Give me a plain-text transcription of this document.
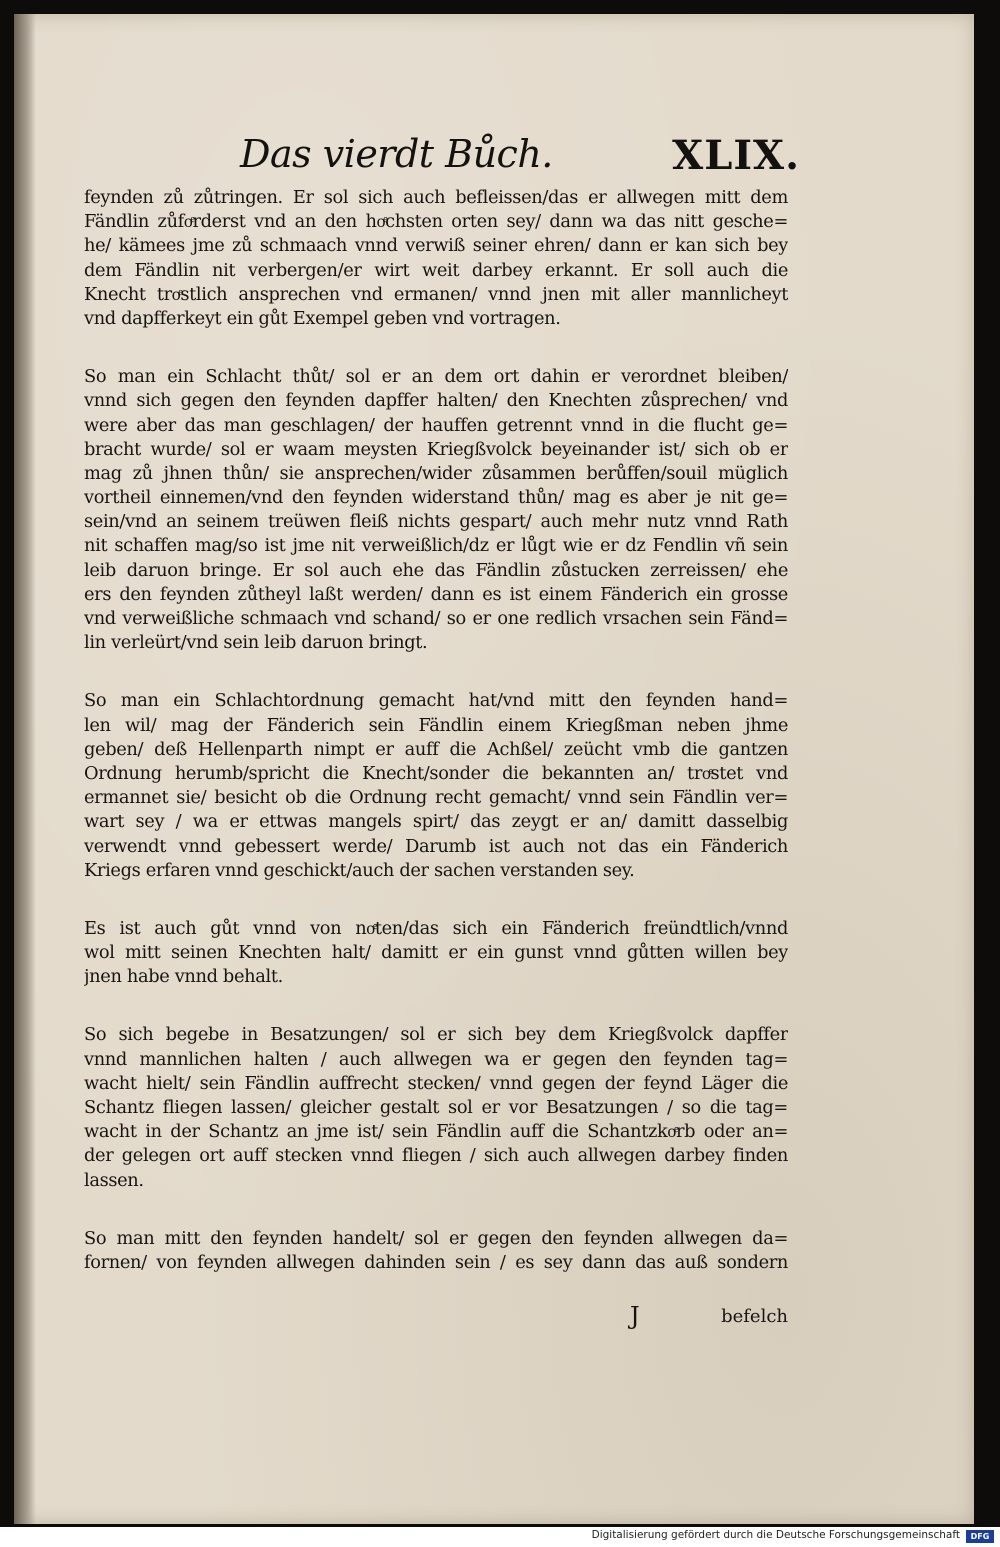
Das vierdt Bůch.	XLIX.
feynden zů zůtringen. Er sol sich auch beflеissen/das er allwegen mitt dem
Fändlin zůfoͤrderst vnd an den hoͤchsten orten sey/ dann wa das nitt gesche=
he/ kämees jme zů schmaach vnnd verwiß seiner ehren/ dann er kan sich bey
dem Fändlin nit verbergen/er wirt weit darbey erkannt. Er soll auch die
Knecht troͤstlich ansprechen vnd ermanen/ vnnd jnen mit aller mannlicheyt
vnd dapfferkeyt ein gůt Exempel geben vnd vortragen.
So man ein Schlacht thůt/ sol er an dem ort dahin er verordnet bleiben/
vnnd sich gegen den feynden dapffer halten/ den Knechten zůsprechen/ vnd
were aber das man geschlagen/ der hauffen getrennt vnnd in die flucht ge=
bracht wurde/ sol er waam meysten Kriegßvolck beyeinander ist/ sich ob er
mag zů jhnen thůn/ sie ansprechen/wider zůsammen berůffen/souil müglich
vortheil einnemen/vnd den feynden widerstand thůn/ mag es aber je nit ge=
sein/vnd an seinem treüwen fleiß nichts gespart/ auch mehr nutz vnnd Rath
nit schaffen mag/so ist jme nit verweißlich/dz er lůgt wie er dz Fendlin vñ sein
leib daruon bringe. Er sol auch ehe das Fändlin zůstucken zerreissen/ ehe
ers den feynden zůtheyl laßt werden/ dann es ist einem Fänderich ein grosse
vnd verweißliche schmaach vnd schand/ so er one redlich vrsachen sein Fänd=
lin verleürt/vnd sein leib daruon bringt.
So man ein Schlachtordnung gemacht hat/vnd mitt den feynden hand=
len wil/ mag der Fänderich sein Fändlin einem Kriegßman neben jhme
geben/ deß Hellenparth nimpt er auff die Achßel/ zeücht vmb die gantzen
Ordnung herumb/spricht die Knecht/sonder die bekannten an/ troͤstet vnd
ermannet sie/ besicht ob die Ordnung recht gemacht/ vnnd sein Fändlin ver=
wart sey / wa er ettwas mangels spirt/ das zeygt er an/ damitt dasselbig
verwendt vnnd gebessert werde/ Darumb ist auch not das ein Fänderich
Kriegs erfaren vnnd geschickt/auch der sachen verstanden sey.
Es ist auch gůt vnnd von noͤten/das sich ein Fänderich freündtlich/vnnd
wol mitt seinen Knechten halt/ damitt er ein gunst vnnd gůtten willen bey
jnen habe vnnd behalt.
So sich begebe in Besatzungen/ sol er sich bey dem Kriegßvolck dapffer
vnnd mannlichen halten / auch allwegen wa er gegen den feynden tag=
wacht hielt/ sein Fändlin auffrecht stecken/ vnnd gegen der feynd Läger die
Schantz fliegen lassen/ gleicher gestalt sol er vor Besatzungen / so die tag=
wacht in der Schantz an jme ist/ sein Fändlin auff die Schantzkoͤrb oder an=
der gelegen ort auff stecken vnnd fliegen / sich auch allwegen darbey finden
lassen.
So man mitt den feynden handelt/ sol er gegen den feynden allwegen da=
fornen/ von feynden allwegen dahinden sein / es sey dann das auß sondern
J	befelch
Digitalisierung gefördert durch die Deutsche Forschungsgemeinschaft	DFG
